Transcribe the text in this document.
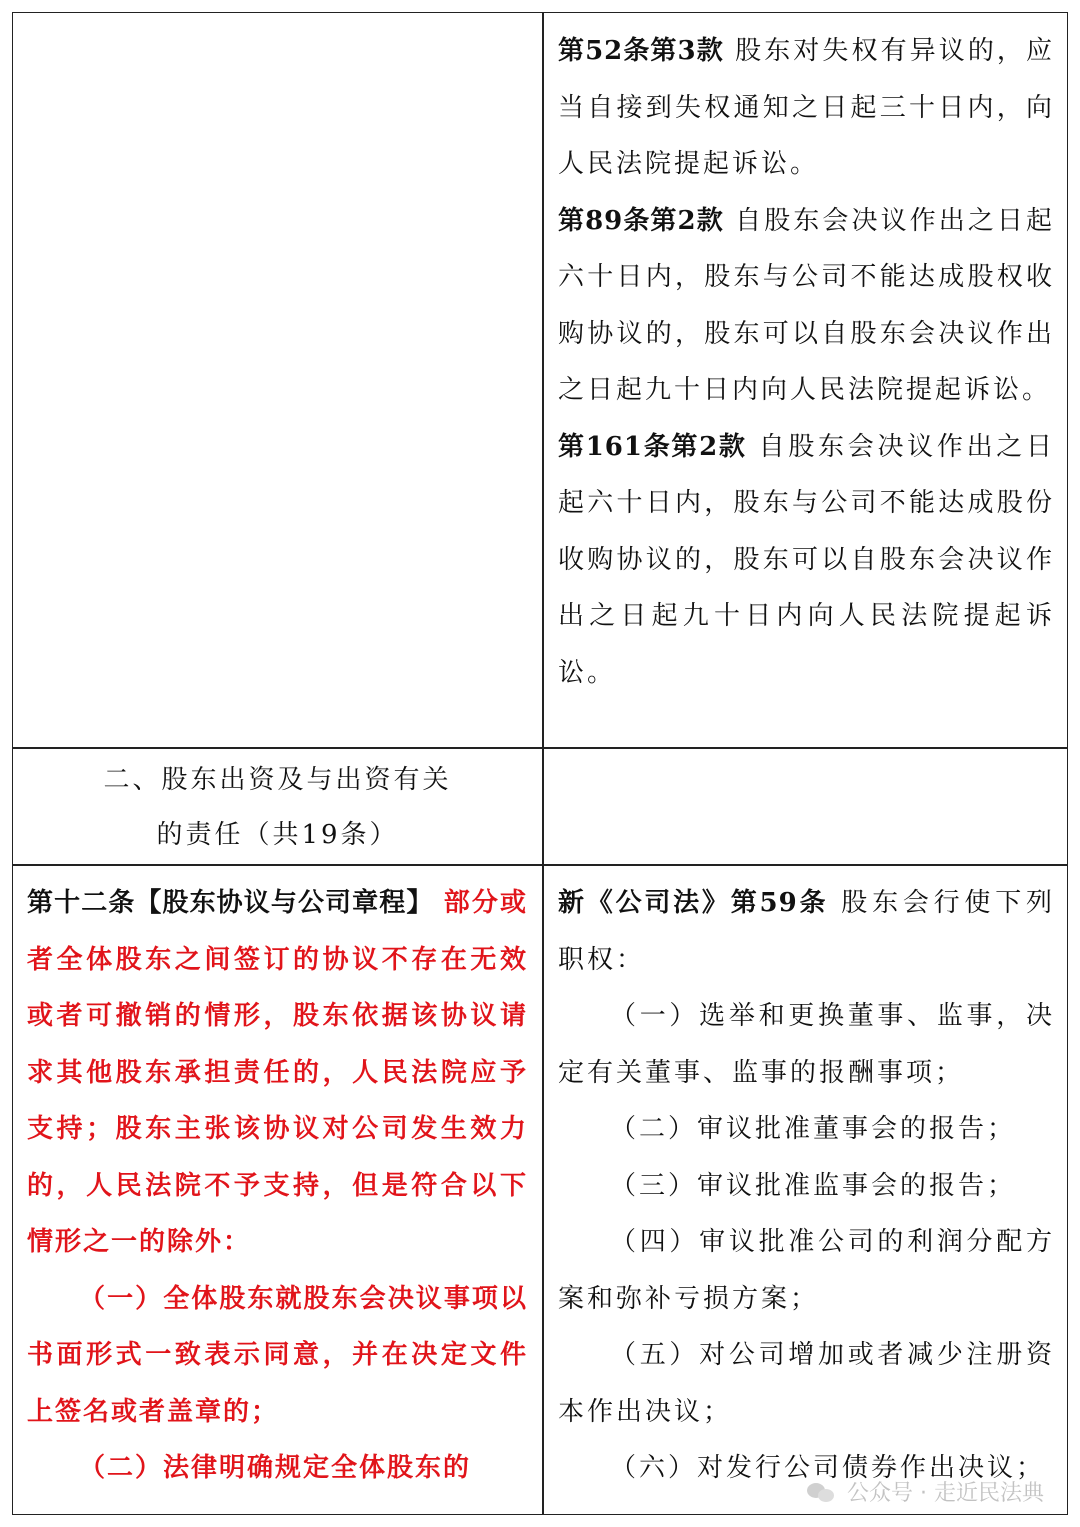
第52条第3款 股东对失权有异议的，应当自接到失权通知之日起三十日内，向人民法院提起诉讼。

第89条第2款 自股东会决议作出之日起六十日内，股东与公司不能达成股权收购协议的，股东可以自股东会决议作出之日起九十日内向人民法院提起诉讼。

第161条第2款 自股东会决议作出之日起六十日内，股东与公司不能达成股份收购协议的，股东可以自股东会决议作出之日起九十日内向人民法院提起诉讼。

二、股东出资及与出资有关
的责任（共19条）

第十二条【股东协议与公司章程】 部分或者全体股东之间签订的协议不存在无效或者可撤销的情形，股东依据该协议请求其他股东承担责任的，人民法院应予支持；股东主张该协议对公司发生效力的，人民法院不予支持，但是符合以下情形之一的除外：

（一）全体股东就股东会决议事项以书面形式一致表示同意，并在决定文件上签名或者盖章的；

（二）法律明确规定全体股东的

新《公司法》第59条 股东会行使下列职权：

（一）选举和更换董事、监事，决定有关董事、监事的报酬事项；

（二）审议批准董事会的报告；

（三）审议批准监事会的报告；

（四）审议批准公司的利润分配方案和弥补亏损方案；

（五）对公司增加或者减少注册资本作出决议；

（六）对发行公司债券作出决议；

公众号 · 走近民法典
